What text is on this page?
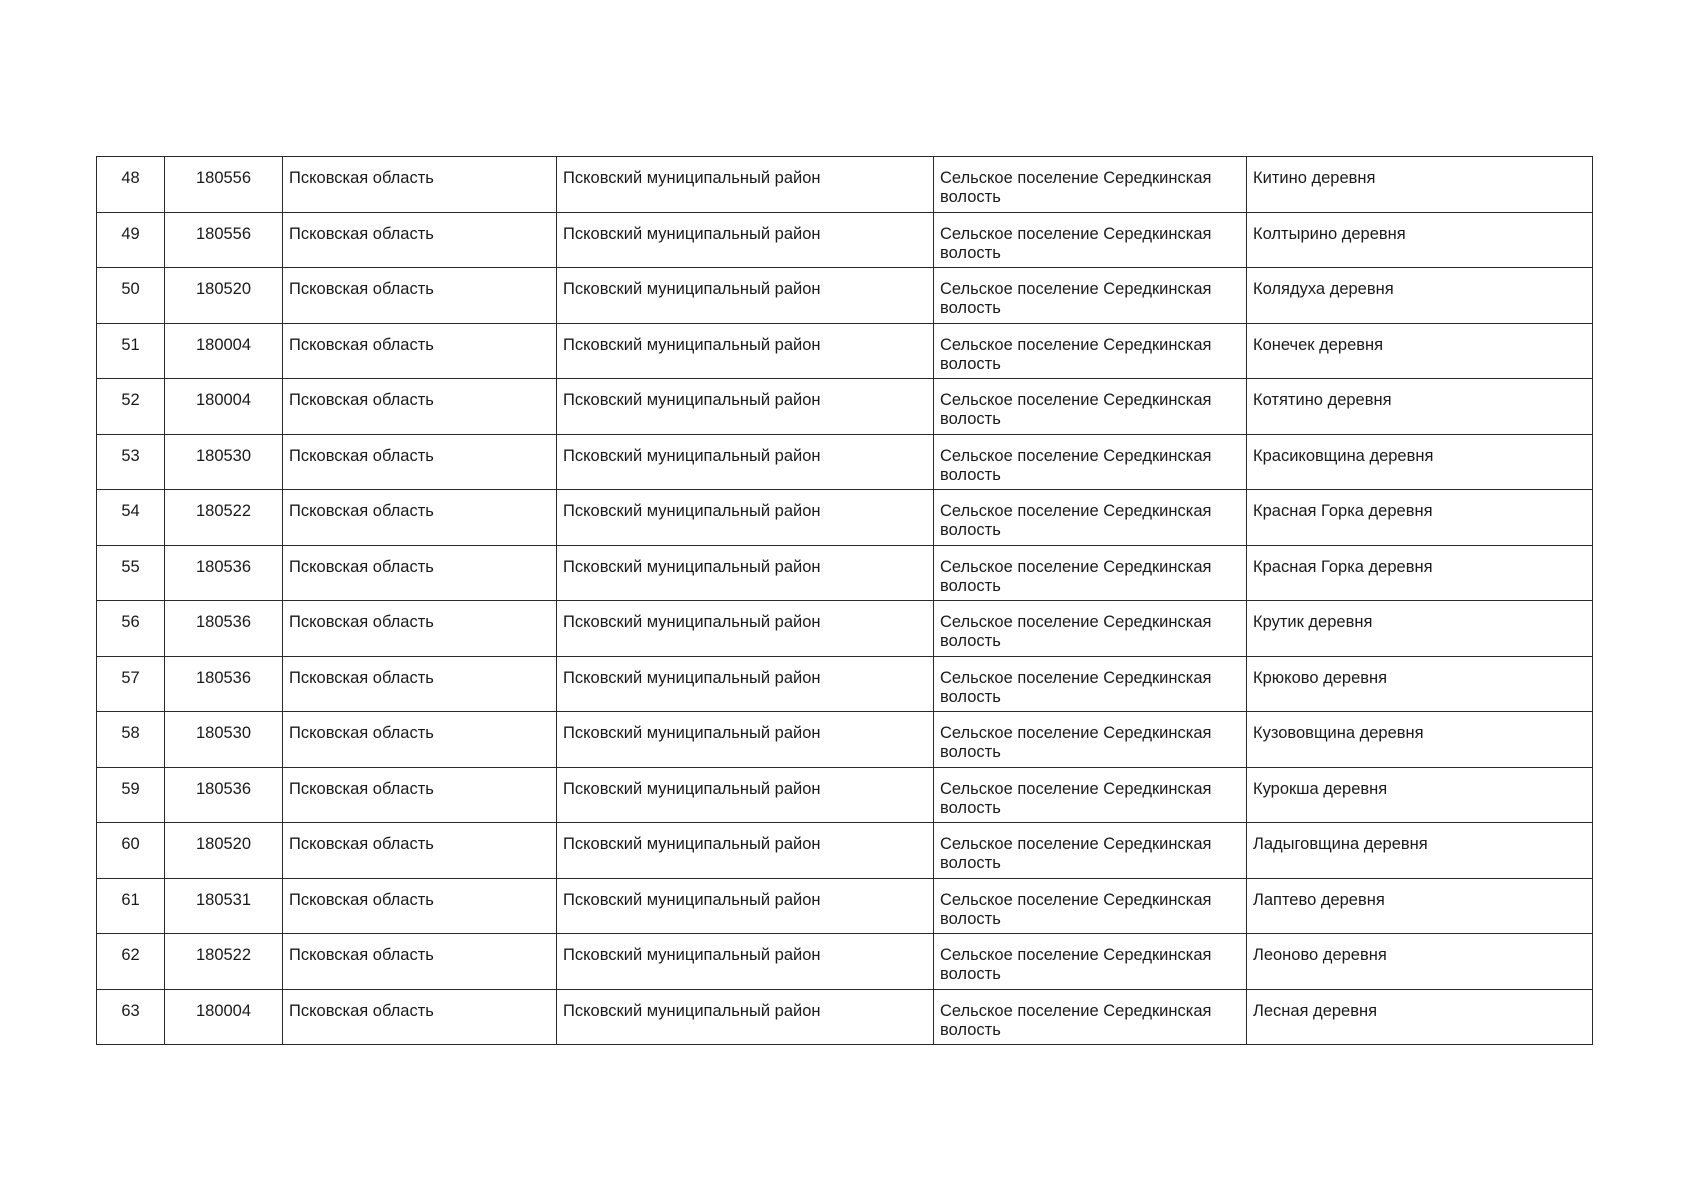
48	180556	Псковская область	Псковский муниципальный район	Сельское поселение Середкинская волость	Китино деревня
49	180556	Псковская область	Псковский муниципальный район	Сельское поселение Середкинская волость	Колтырино деревня
50	180520	Псковская область	Псковский муниципальный район	Сельское поселение Середкинская волость	Колядуха деревня
51	180004	Псковская область	Псковский муниципальный район	Сельское поселение Середкинская волость	Конечек деревня
52	180004	Псковская область	Псковский муниципальный район	Сельское поселение Середкинская волость	Котятино деревня
53	180530	Псковская область	Псковский муниципальный район	Сельское поселение Середкинская волость	Красиковщина деревня
54	180522	Псковская область	Псковский муниципальный район	Сельское поселение Середкинская волость	Красная Горка деревня
55	180536	Псковская область	Псковский муниципальный район	Сельское поселение Середкинская волость	Красная Горка деревня
56	180536	Псковская область	Псковский муниципальный район	Сельское поселение Середкинская волость	Крутик деревня
57	180536	Псковская область	Псковский муниципальный район	Сельское поселение Середкинская волость	Крюково деревня
58	180530	Псковская область	Псковский муниципальный район	Сельское поселение Середкинская волость	Кузововщина деревня
59	180536	Псковская область	Псковский муниципальный район	Сельское поселение Середкинская волость	Курокша деревня
60	180520	Псковская область	Псковский муниципальный район	Сельское поселение Середкинская волость	Ладыговщина деревня
61	180531	Псковская область	Псковский муниципальный район	Сельское поселение Середкинская волость	Лаптево деревня
62	180522	Псковская область	Псковский муниципальный район	Сельское поселение Середкинская волость	Леоново деревня
63	180004	Псковская область	Псковский муниципальный район	Сельское поселение Середкинская волость	Лесная деревня
